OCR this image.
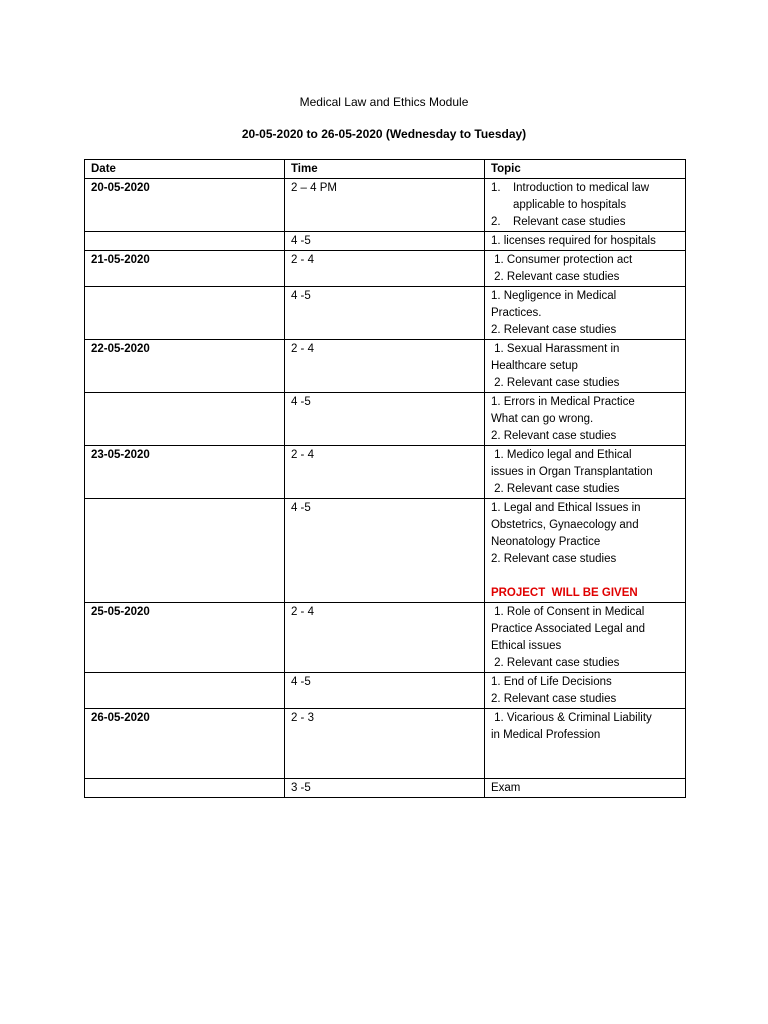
Medical Law and Ethics Module
20-05-2020 to 26-05-2020 (Wednesday to Tuesday)
Date	Time	Topic
20-05-2020	2 – 4 PM	1. Introduction to medical law applicable to hospitals
2. Relevant case studies

	4 -5	1. licenses required for hospitals

21-05-2020	2 - 4	1. Consumer protection act
2. Relevant case studies

	4 -5	1. Negligence in Medical
Practices.
2. Relevant case studies

22-05-2020	2 - 4	1. Sexual Harassment in
Healthcare setup
2. Relevant case studies

	4 -5	1. Errors in Medical Practice
What can go wrong.
2. Relevant case studies

23-05-2020	2 - 4	1. Medico legal and Ethical
issues in Organ Transplantation
2. Relevant case studies

	4 -5	1. Legal and Ethical Issues in
Obstetrics, Gynaecology and
Neonatology Practice
2. Relevant case studies
PROJECT  WILL BE GIVEN

25-05-2020	2 - 4	1. Role of Consent in Medical
Practice Associated Legal and
Ethical issues
2. Relevant case studies

	4 -5	1. End of Life Decisions
2. Relevant case studies

26-05-2020	2 - 3	1. Vicarious & Criminal Liability
in Medical Profession

	3 -5	Exam
